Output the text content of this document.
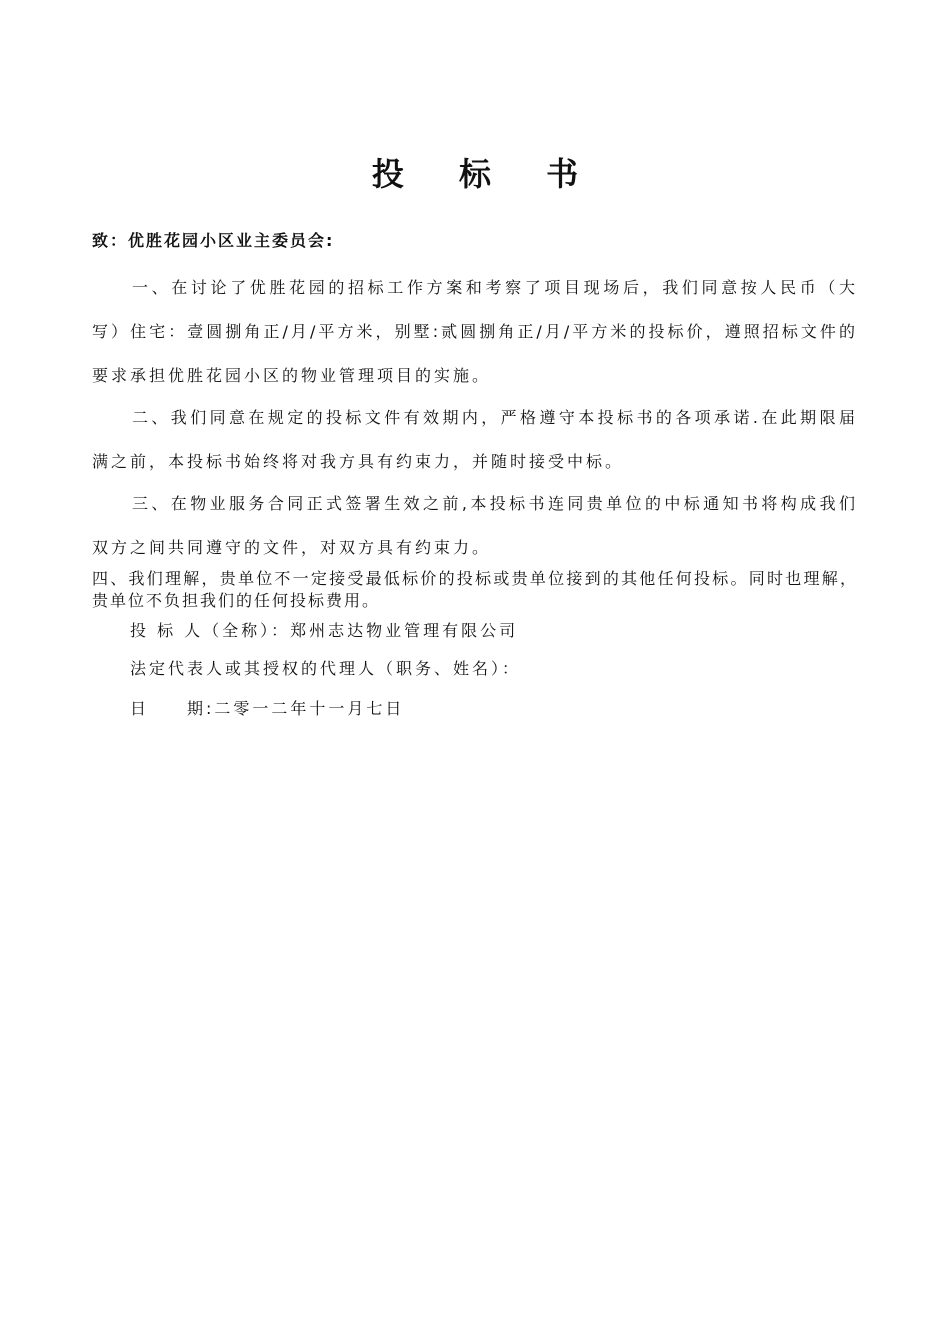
投 标 书
致：优胜花园小区业主委员会:
一、在讨论了优胜花园的招标工作方案和考察了项目现场后，我们同意按人民币（大写）住宅：壹圆捌角正/月/平方米，别墅:贰圆捌角正/月/平方米的投标价，遵照招标文件的要求承担优胜花园小区的物业管理项目的实施。
二、我们同意在规定的投标文件有效期内，严格遵守本投标书的各项承诺.在此期限届满之前，本投标书始终将对我方具有约束力，并随时接受中标。
三、在物业服务合同正式签署生效之前,本投标书连同贵单位的中标通知书将构成我们双方之间共同遵守的文件，对双方具有约束力。
四、我们理解，贵单位不一定接受最低标价的投标或贵单位接到的其他任何投标。同时也理解，贵单位不负担我们的任何投标费用。
投 标 人（全称）：郑州志达物业管理有限公司
法定代表人或其授权的代理人（职务、姓名）：
日　　期:二零一二年十一月七日
